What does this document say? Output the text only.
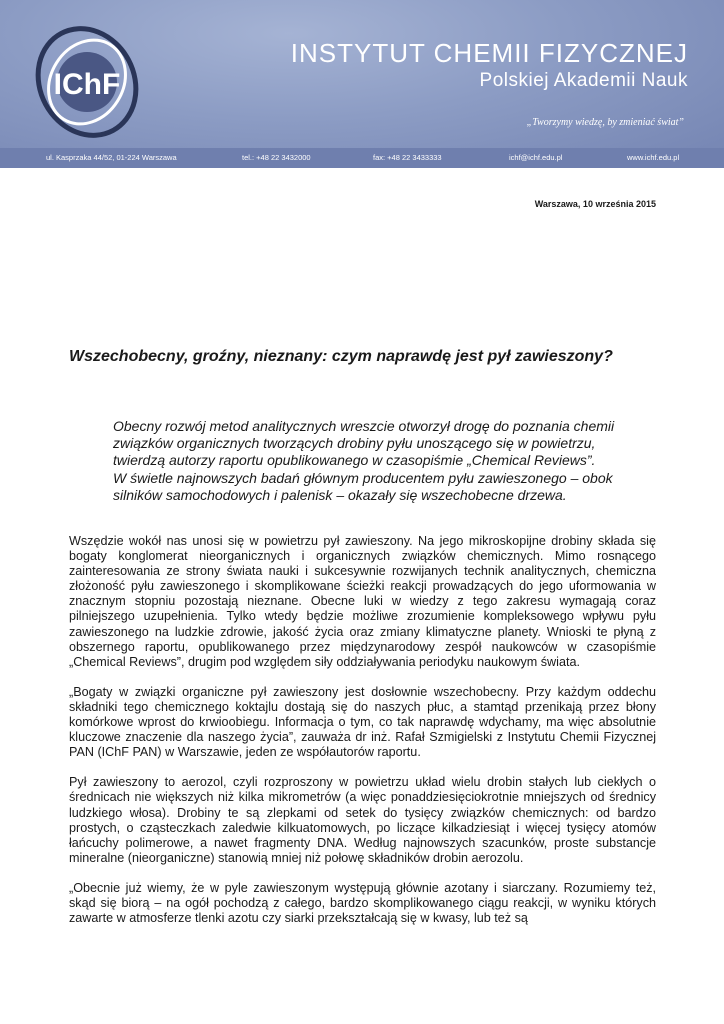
IChF
INSTYTUT CHEMII FIZYCZNEJ
Polskiej Akademii Nauk
„Tworzymy wiedzę, by zmieniać świat”
ul. Kasprzaka 44/52, 01-224 Warszawa	tel.: +48 22 3432000	fax: +48 22 3433333	ichf@ichf.edu.pl	www.ichf.edu.pl
Warszawa, 10 września 2015
Wszechobecny, groźny, nieznany: czym naprawdę jest pył zawieszony?

Obecny rozwój metod analitycznych wreszcie otworzył drogę do poznania chemii związków organicznych tworzących drobiny pyłu unoszącego się w powietrzu, twierdzą autorzy raportu opublikowanego w czasopiśmie „Chemical Reviews”.

W świetle najnowszych badań głównym producentem pyłu zawieszonego – obok silników samochodowych i palenisk – okazały się wszechobecne drzewa.

Wszędzie wokół nas unosi się w powietrzu pył zawieszony. Na jego mikroskopijne drobiny składa się bogaty konglomerat nieorganicznych i organicznych związków chemicznych. Mimo rosnącego zainteresowania ze strony świata nauki i sukcesywnie rozwijanych technik analitycznych, chemiczna złożoność pyłu zawieszonego i skomplikowane ścieżki reakcji prowadzących do jego uformowania w znacznym stopniu pozostają nieznane. Obecne luki w wiedzy z tego zakresu wymagają coraz pilniejszego uzupełnienia. Tylko wtedy będzie możliwe zrozumienie kompleksowego wpływu pyłu zawieszonego na ludzkie zdrowie, jakość życia oraz zmiany klimatyczne planety. Wnioski te płyną z obszernego raportu, opublikowanego przez międzynarodowy zespół naukowców w czasopiśmie „Chemical Reviews”, drugim pod względem siły oddziaływania periodyku naukowym świata.

„Bogaty w związki organiczne pył zawieszony jest dosłownie wszechobecny. Przy każdym oddechu składniki tego chemicznego koktajlu dostają się do naszych płuc, a stamtąd przenikają przez błony komórkowe wprost do krwioobiegu. Informacja o tym, co tak naprawdę wdychamy, ma więc absolutnie kluczowe znaczenie dla naszego życia”, zauważa dr inż. Rafał Szmigielski z Instytutu Chemii Fizycznej PAN (IChF PAN) w Warszawie, jeden ze współautorów raportu.

Pył zawieszony to aerozol, czyli rozproszony w powietrzu układ wielu drobin stałych lub ciekłych o średnicach nie większych niż kilka mikrometrów (a więc ponaddziesięciokrotnie mniejszych od średnicy ludzkiego włosa). Drobiny te są zlepkami od setek do tysięcy związków chemicznych: od bardzo prostych, o cząsteczkach zaledwie kilkuatomowych, po liczące kilkadziesiąt i więcej tysięcy atomów łańcuchy polimerowe, a nawet fragmenty DNA. Według najnowszych szacunków, proste substancje mineralne (nieorganiczne) stanowią mniej niż połowę składników drobin aerozolu.

„Obecnie już wiemy, że w pyle zawieszonym występują głównie azotany i siarczany. Rozumiemy też, skąd się biorą – na ogół pochodzą z całego, bardzo skomplikowanego ciągu reakcji, w wyniku których zawarte w atmosferze tlenki azotu czy siarki przekształcają się w kwasy, lub też są
